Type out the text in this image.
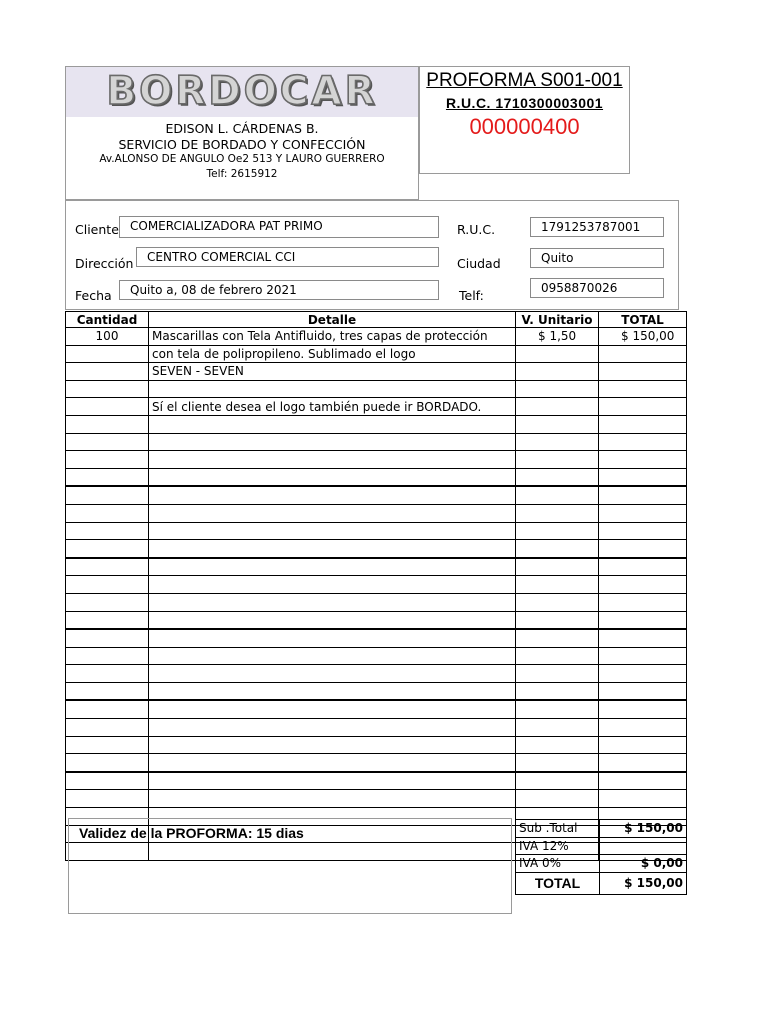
BORDOCAR
EDISON L. CÁRDENAS B.
SERVICIO DE BORDADO Y CONFECCIÓN
Av.ALONSO DE ANGULO Oe2 513 Y LAURO GUERRERO
Telf: 2615912
PROFORMA S001-001
R.U.C. 1710300003001
000000400
Cliente COMERCIALIZADORA PAT PRIMO
Dirección	CENTRO COMERCIAL CCI
Fecha	Quito a, 08 de febrero 2021
R.U.C.	1791253787001
Ciudad	Quito
Telf:	0958870026
Cantidad	Detalle	V. Unitario	TOTAL
100	Mascarillas con Tela Antifluido, tres capas de protección	$ 1,50	$ 150,00
	con tela de polipropileno. Sublimado el logo		
	SEVEN - SEVEN		

	Sí el cliente desea el logo también puede ir BORDADO.		

Validez de la PROFORMA: 15 dias	Sub .Total	$ 150,00
IVA 12%	
IVA 0%	$ 0,00
TOTAL	$ 150,00
